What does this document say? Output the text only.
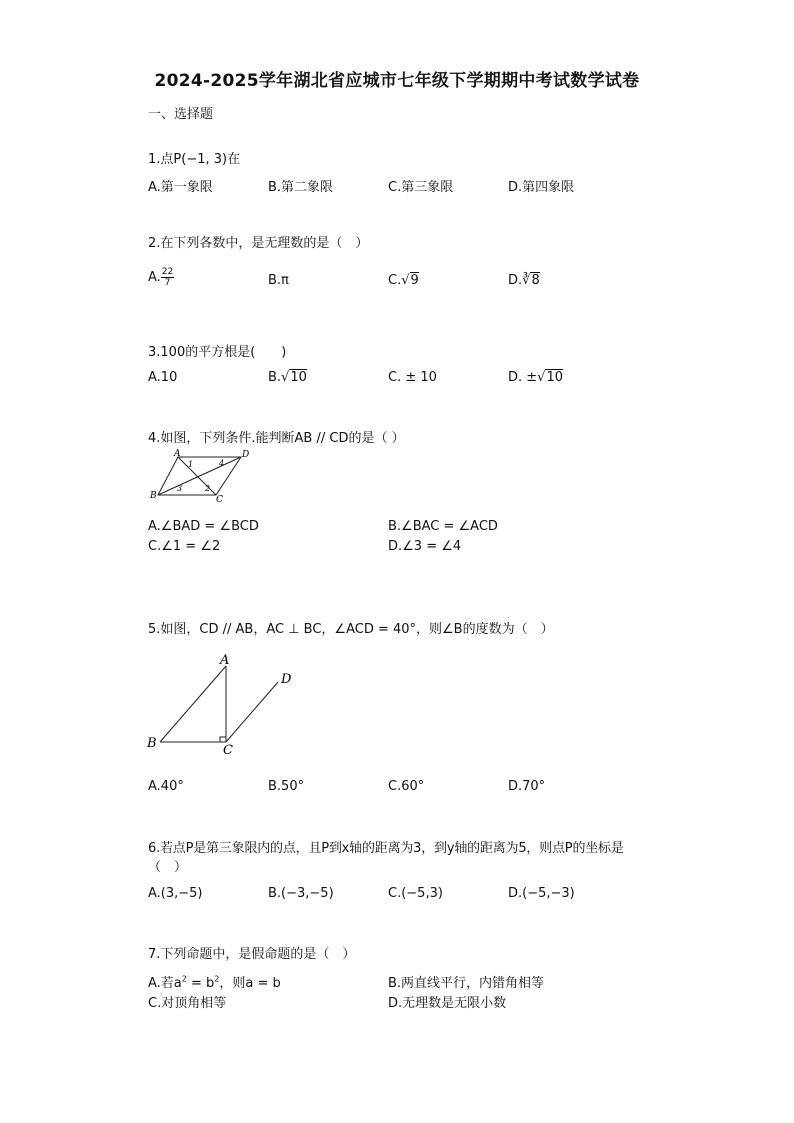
2024-2025学年湖北省应城市七年级下学期期中考试数学试卷
一、选择题
1.点P(−1, 3)在
A.第一象限	B.第二象限	C.第三象限	D.第四象限
2.在下列各数中，是无理数的是（　）
A. $\frac{22}{7}$	B.π	C.√9	D.∛8
3.100的平方根是(　　)
A.10	B.√10	C. ± 10	D. ±√10
4.如图，下列条件.能判断AB // CD的是（ ）
A	D
B	C
1
2
3
4
A.∠BAD = ∠BCD	B.∠BAC = ∠ACD
C.∠1 = ∠2	D.∠3 = ∠4
5.如图，CD // AB，AC ⊥ BC，∠ACD = 40°，则∠B的度数为（　）
A
D
B	C
A.40°	B.50°	C.60°	D.70°
6.若点P是第三象限内的点，且P到x轴的距离为3，到y轴的距离为5，则点P的坐标是
（　）
A.(3,−5)	B.(−3,−5)	C.(−5,3)	D.(−5,−3)
7.下列命题中，是假命题的是（　）
A.若$a^2 = b^2$，则a = b	B.两直线平行，内错角相等
C.对顶角相等	D.无理数是无限小数
